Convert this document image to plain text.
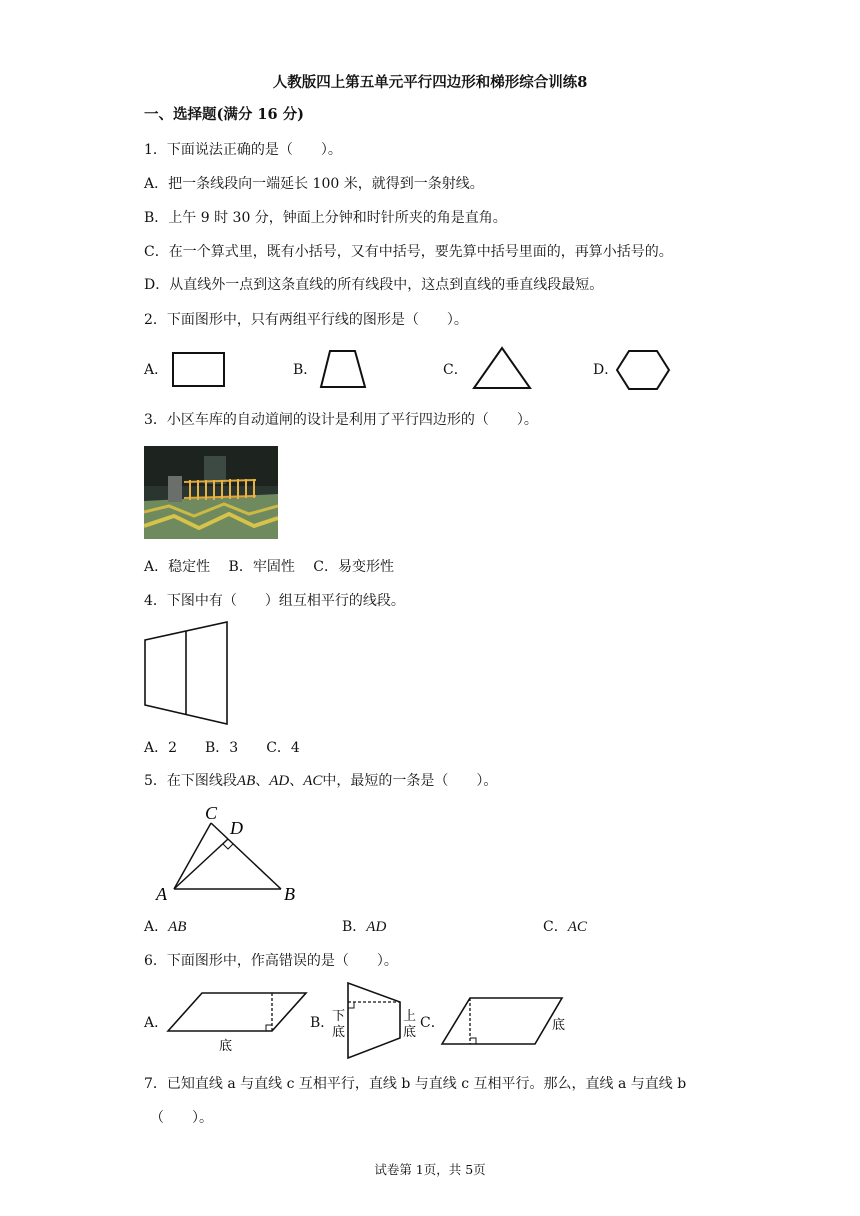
人教版四上第五单元平行四边形和梯形综合训练8
一、选择题(满分 16 分)
1．下面说法正确的是（　　）。
A．把一条线段向一端延长 100 米，就得到一条射线。
B．上午 9 时 30 分，钟面上分钟和时针所夹的角是直角。
C．在一个算式里，既有小括号，又有中括号，要先算中括号里面的，再算小括号的。
D．从直线外一点到这条直线的所有线段中，这点到直线的垂直线段最短。
2．下面图形中，只有两组平行线的图形是（　　）。
A．	B．	C．	D．
3．小区车库的自动道闸的设计是利用了平行四边形的（　　）。
A．稳定性　 B．牢固性　 C．易变形性
4．下图中有（　　）组互相平行的线段。
A．2　　B．3　　C．4
5．在下图线段AB、AD、AC中，最短的一条是（　　）。
C
D
A	B
A．AB	B．AD	C．AC
6．下面图形中，作高错误的是（　　）。
A．
底
B．
下底
上底
C．	底
7．已知直线 a 与直线 c 互相平行，直线 b 与直线 c 互相平行。那么，直线 a 与直线 b
（　　）。
试卷第 1页，共 5页
